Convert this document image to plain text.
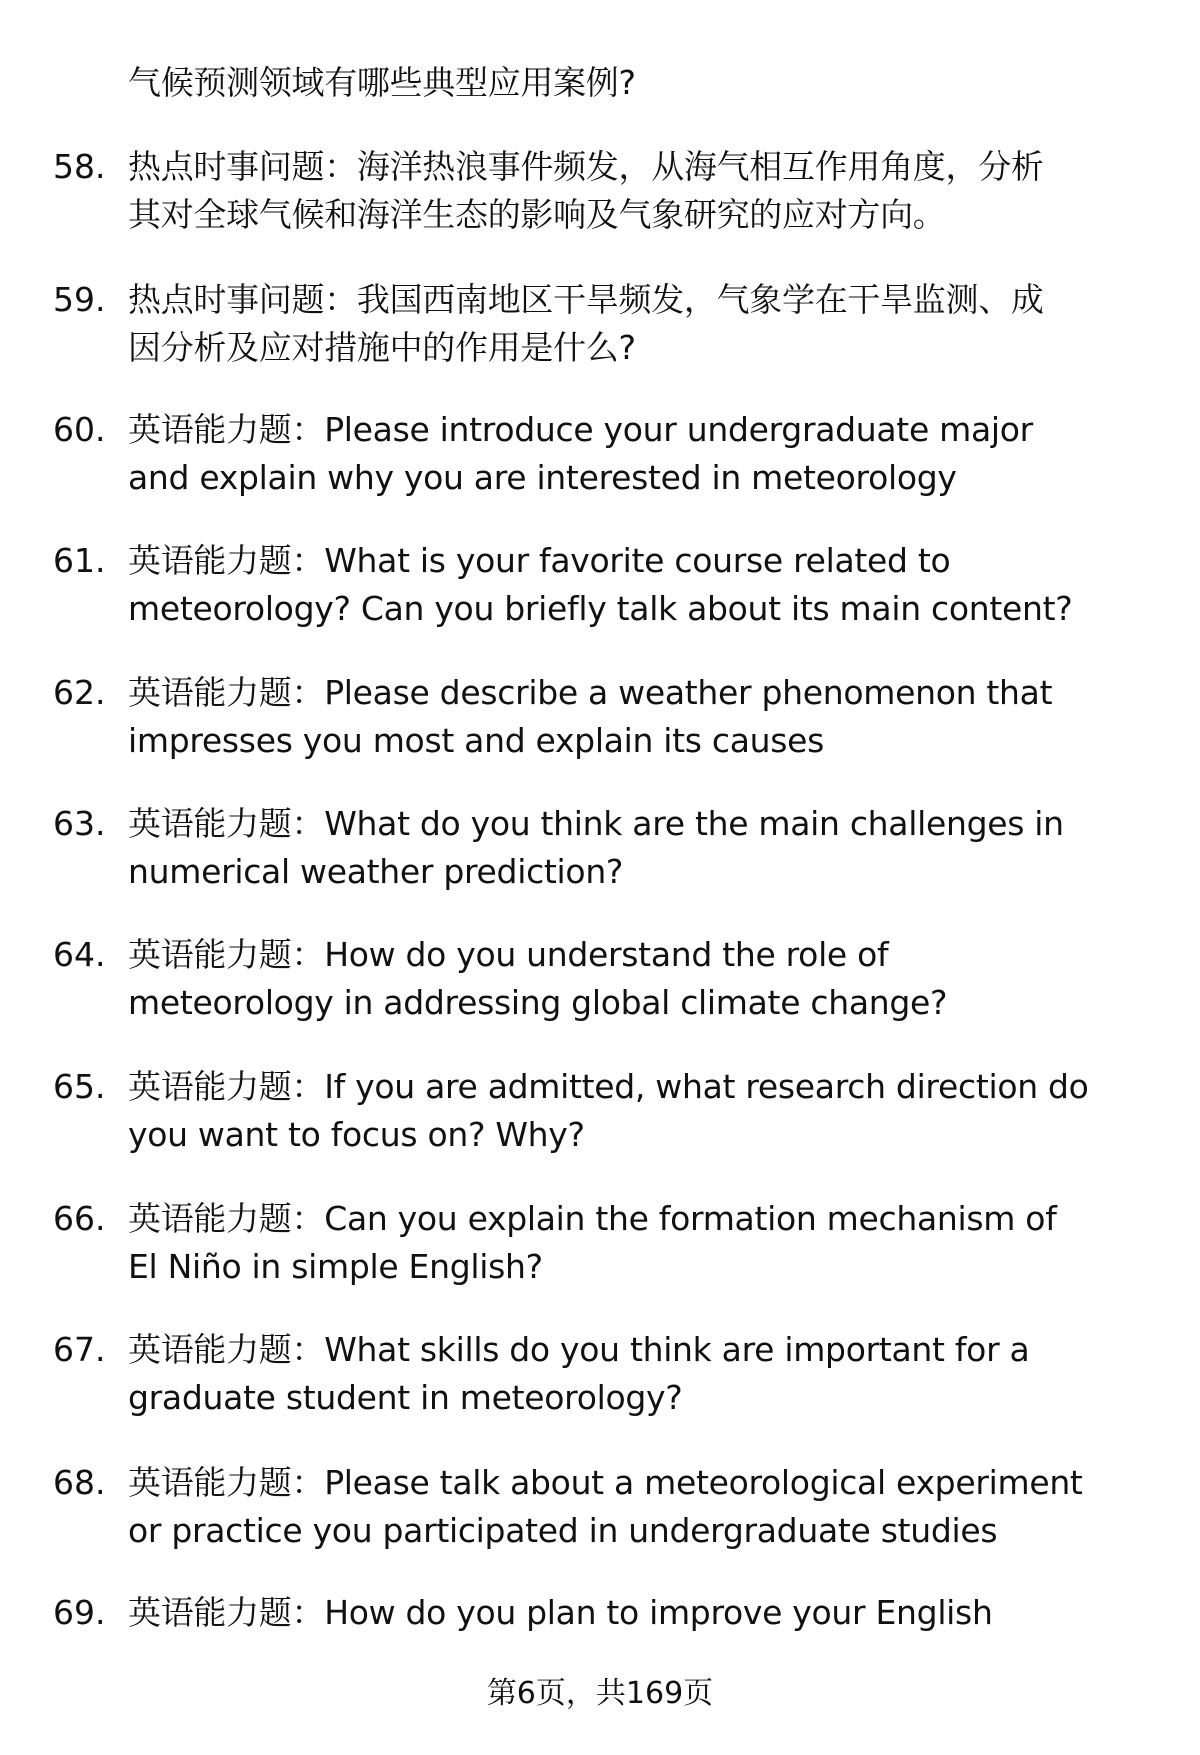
气候预测领域有哪些典型应用案例?
58. 热点时事问题：海洋热浪事件频发，从海气相互作用角度，分析
其对全球气候和海洋生态的影响及气象研究的应对方向。
59. 热点时事问题：我国西南地区干旱频发，气象学在干旱监测、成
因分析及应对措施中的作用是什么?
60. 英语能力题：Please introduce your undergraduate major
and explain why you are interested in meteorology
61. 英语能力题：What is your favorite course related to
meteorology? Can you briefly talk about its main content?
62. 英语能力题：Please describe a weather phenomenon that
impresses you most and explain its causes
63. 英语能力题：What do you think are the main challenges in
numerical weather prediction?
64. 英语能力题：How do you understand the role of
meteorology in addressing global climate change?
65. 英语能力题：If you are admitted, what research direction do
you want to focus on? Why?
66. 英语能力题：Can you explain the formation mechanism of
El Niño in simple English?
67. 英语能力题：What skills do you think are important for a
graduate student in meteorology?
68. 英语能力题：Please talk about a meteorological experiment
or practice you participated in undergraduate studies
69. 英语能力题：How do you plan to improve your English
第6页，共169页
